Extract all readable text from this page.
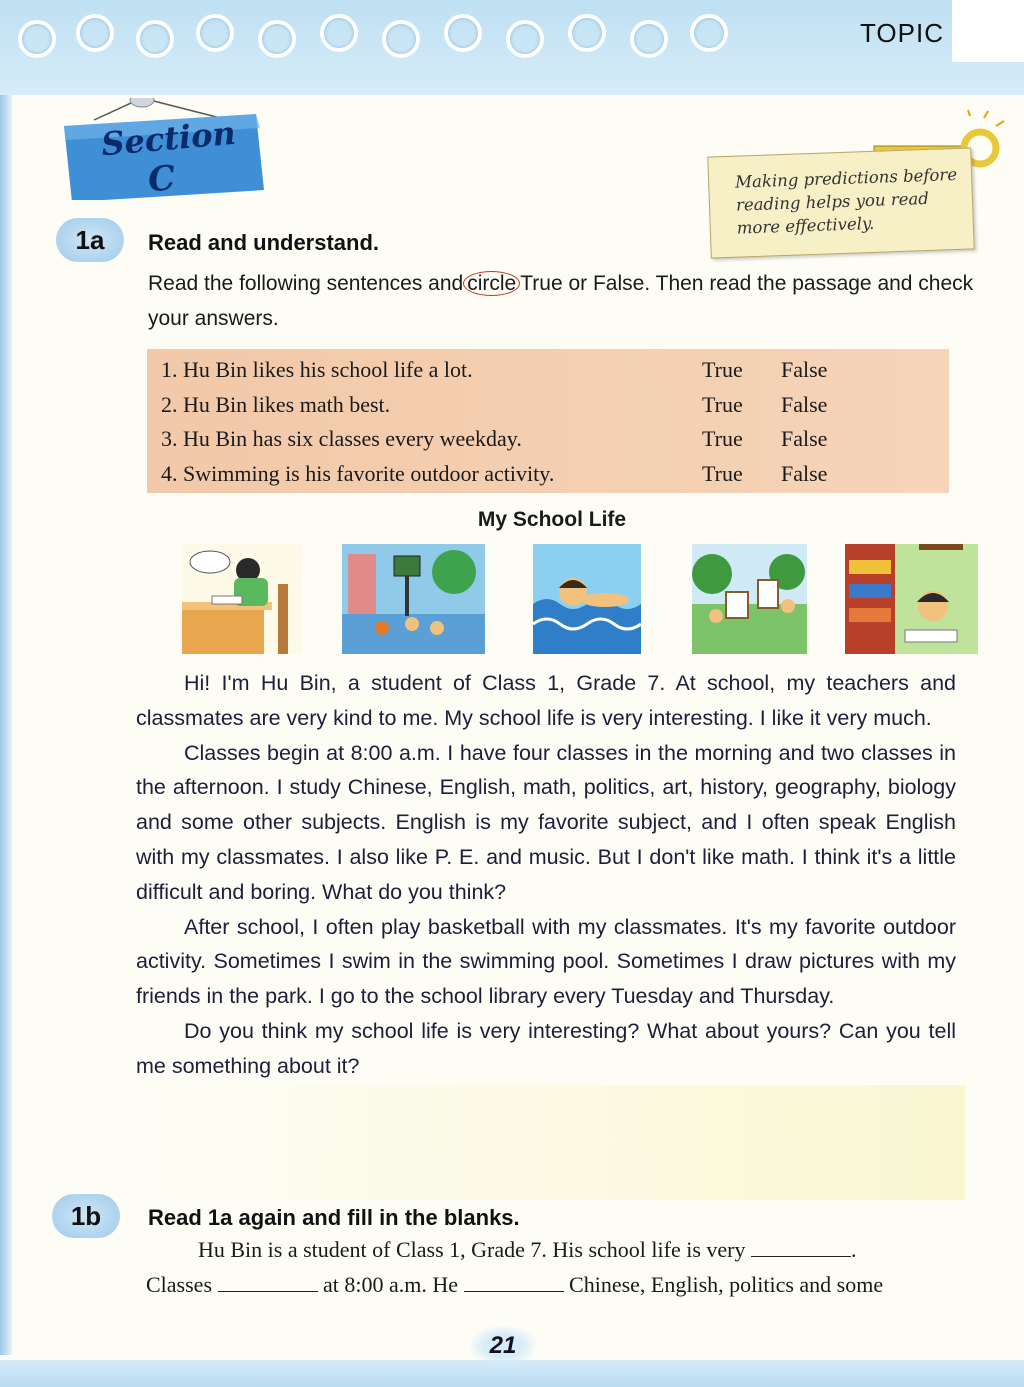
TOPIC
Section
C	Making predictions before reading helps you read more effectively.
1a	Read and understand.
Read the following sentences and circle True or False. Then read the passage and check your answers.
1. Hu Bin likes his school life a lot.	True False
2. Hu Bin likes math best.	True False
3. Hu Bin has six classes every weekday.	True False
4. Swimming is his favorite outdoor activity.	True False
My School Life

Hi! I'm Hu Bin, a student of Class 1, Grade 7. At school, my teachers and classmates are very kind to me. My school life is very interesting. I like it very much.

Classes begin at 8:00 a.m. I have four classes in the morning and two classes in the afternoon. I study Chinese, English, math, politics, art, history, geography, biology and some other subjects. English is my favorite subject, and I often speak English with my classmates. I also like P. E. and music. But I don't like math. I think it's a little difficult and boring. What do you think?

After school, I often play basketball with my classmates. It's my favorite outdoor activity. Sometimes I swim in the swimming pool. Sometimes I draw pictures with my friends in the park. I go to the school library every Tuesday and Thursday.

Do you think my school life is very interesting? What about yours? Can you tell me something about it?

1b	Read 1a again and fill in the blanks.

Hu Bin is a student of Class 1, Grade 7. His school life is very	.

Classes	at 8:00 a.m. He	Chinese, English, politics and some

21
